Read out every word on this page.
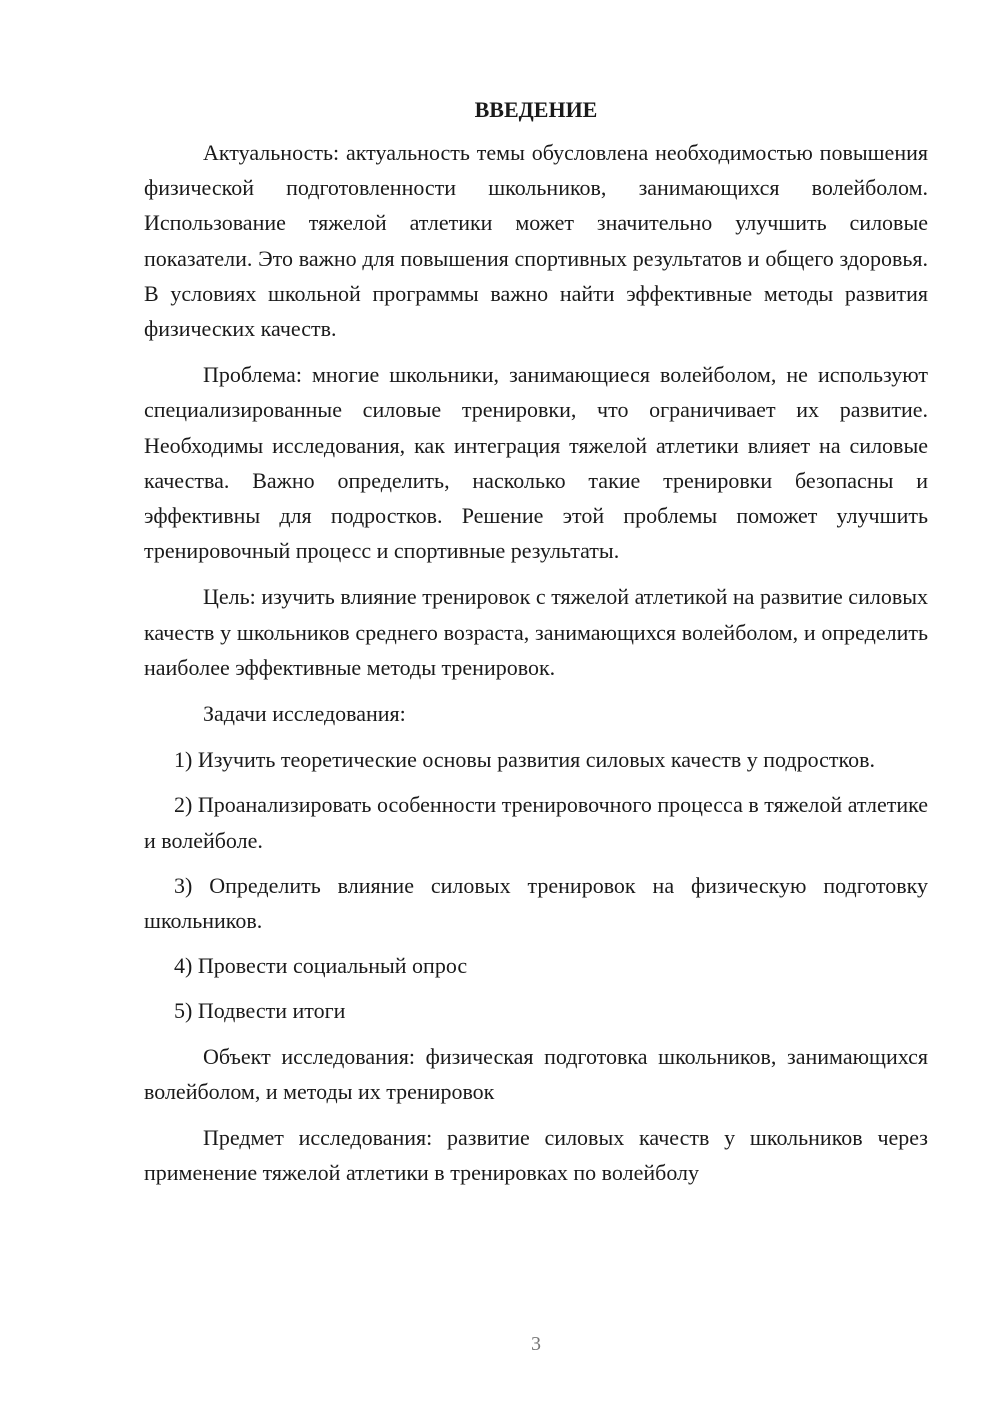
ВВЕДЕНИЕ

Актуальность: актуальность темы обусловлена необходимостью повышения физической подготовленности школьников, занимающихся волейболом. Использование тяжелой атлетики может значительно улучшить силовые показатели. Это важно для повышения спортивных результатов и общего здоровья. В условиях школьной программы важно найти эффективные методы развития физических качеств.

Проблема: многие школьники, занимающиеся волейболом, не используют специализированные силовые тренировки, что ограничивает их развитие. Необходимы исследования, как интеграция тяжелой атлетики влияет на силовые качества. Важно определить, насколько такие тренировки безопасны и эффективны для подростков. Решение этой проблемы поможет улучшить тренировочный процесс и спортивные результаты.

Цель: изучить влияние тренировок с тяжелой атлетикой на развитие силовых качеств у школьников среднего возраста, занимающихся волейболом, и определить наиболее эффективные методы тренировок.

Задачи исследования:

1) Изучить теоретические основы развития силовых качеств у подростков.

2) Проанализировать особенности тренировочного процесса в тяжелой атлетике и волейболе.

3) Определить влияние силовых тренировок на физическую подготовку школьников.

4) Провести социальный опрос

5) Подвести итоги

Объект исследования: физическая подготовка школьников, занимающихся волейболом, и методы их тренировок

Предмет исследования: развитие силовых качеств у школьников через применение тяжелой атлетики в тренировках по волейболу

3
